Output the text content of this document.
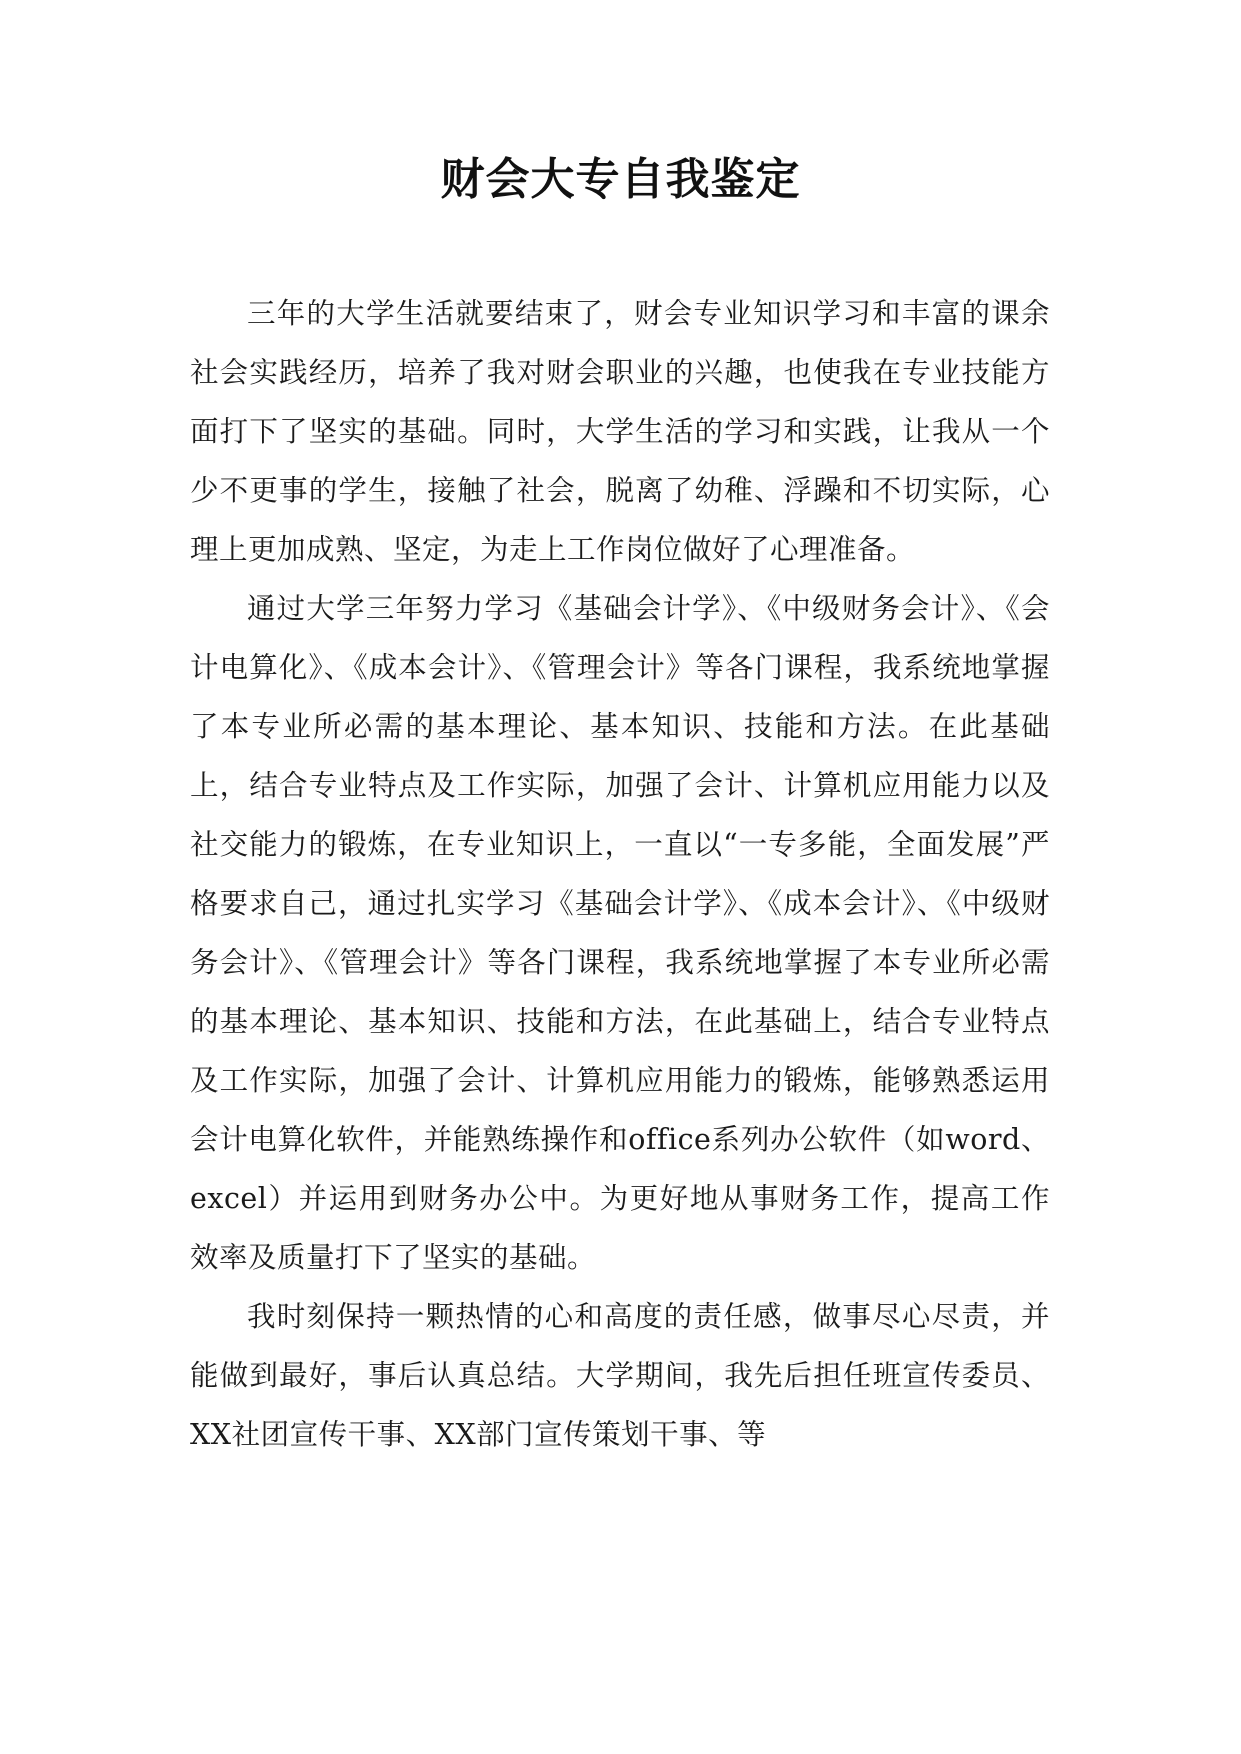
财会大专自我鉴定

三年的大学生活就要结束了，财会专业知识学习和丰富的课余社会实践经历，培养了我对财会职业的兴趣，也使我在专业技能方面打下了坚实的基础。同时，大学生活的学习和实践，让我从一个少不更事的学生，接触了社会，脱离了幼稚、浮躁和不切实际，心理上更加成熟、坚定，为走上工作岗位做好了心理准备。

通过大学三年努力学习《基础会计学》、《中级财务会计》、《会计电算化》、《成本会计》、《管理会计》等各门课程，我系统地掌握了本专业所必需的基本理论、基本知识、技能和方法。在此基础上，结合专业特点及工作实际，加强了会计、计算机应用能力以及社交能力的锻炼，在专业知识上，一直以“一专多能，全面发展”严格要求自己，通过扎实学习《基础会计学》、《成本会计》、《中级财务会计》、《管理会计》等各门课程，我系统地掌握了本专业所必需的基本理论、基本知识、技能和方法，在此基础上，结合专业特点及工作实际，加强了会计、计算机应用能力的锻炼，能够熟悉运用会计电算化软件，并能熟练操作和office系列办公软件（如word、excel）并运用到财务办公中。为更好地从事财务工作，提高工作效率及质量打下了坚实的基础。

我时刻保持一颗热情的心和高度的责任感，做事尽心尽责，并能做到最好，事后认真总结。大学期间，我先后担任班宣传委员、XX社团宣传干事、XX部门宣传策划干事、等
